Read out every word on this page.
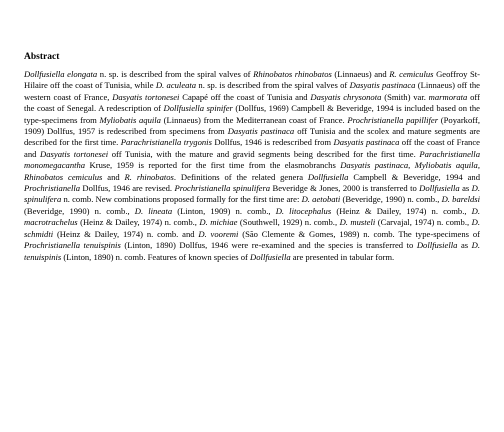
Abstract

Dollfusiella elongata n. sp. is described from the spiral valves of Rhinobatos rhinobatos (Linnaeus) and R. cemiculus Geoffroy St-Hilaire off the coast of Tunisia, while D. aculeata n. sp. is described from the spiral valves of Dasyatis pastinaca (Linnaeus) off the western coast of France, Dasyatis tortonesei Capapé off the coast of Tunisia and Dasyatis chrysonota (Smith) var. marmorata off the coast of Senegal. A redescription of Dollfusiella spinifer (Dollfus, 1969) Campbell & Beveridge, 1994 is included based on the type-specimens from Myliobatis aquila (Linnaeus) from the Mediterranean coast of France. Prochristianella papillifer (Poyarkoff, 1909) Dollfus, 1957 is redescribed from specimens from Dasyatis pastinaca off Tunisia and the scolex and mature segments are described for the first time. Parachristianella trygonis Dollfus, 1946 is redescribed from Dasyatis pastinaca off the coast of France and Dasyatis tortonesei off Tunisia, with the mature and gravid segments being described for the first time. Parachristianella monomegacantha Kruse, 1959 is reported for the first time from the elasmobranchs Dasyatis pastinaca, Myliobatis aquila, Rhinobatos cemiculus and R. rhinobatos. Definitions of the related genera Dollfusiella Campbell & Beveridge, 1994 and Prochristianella Dollfus, 1946 are revised. Prochristianella spinulifera Beveridge & Jones, 2000 is transferred to Dollfusiella as D. spinulifera n. comb. New combinations proposed formally for the first time are: D. aetobati (Beveridge, 1990) n. comb., D. bareldsi (Beveridge, 1990) n. comb., D. lineata (Linton, 1909) n. comb., D. litocephalus (Heinz & Dailey, 1974) n. comb., D. macrotrachelus (Heinz & Dailey, 1974) n. comb., D. michiae (Southwell, 1929) n. comb., D. musteli (Carvajal, 1974) n. comb., D. schmidti (Heinz & Dailey, 1974) n. comb. and D. vooremi (São Clemente & Gomes, 1989) n. comb. The type-specimens of Prochristianella tenuispinis (Linton, 1890) Dollfus, 1946 were re-examined and the species is transferred to Dollfusiella as D. tenuispinis (Linton, 1890) n. comb. Features of known species of Dollfusiella are presented in tabular form.
